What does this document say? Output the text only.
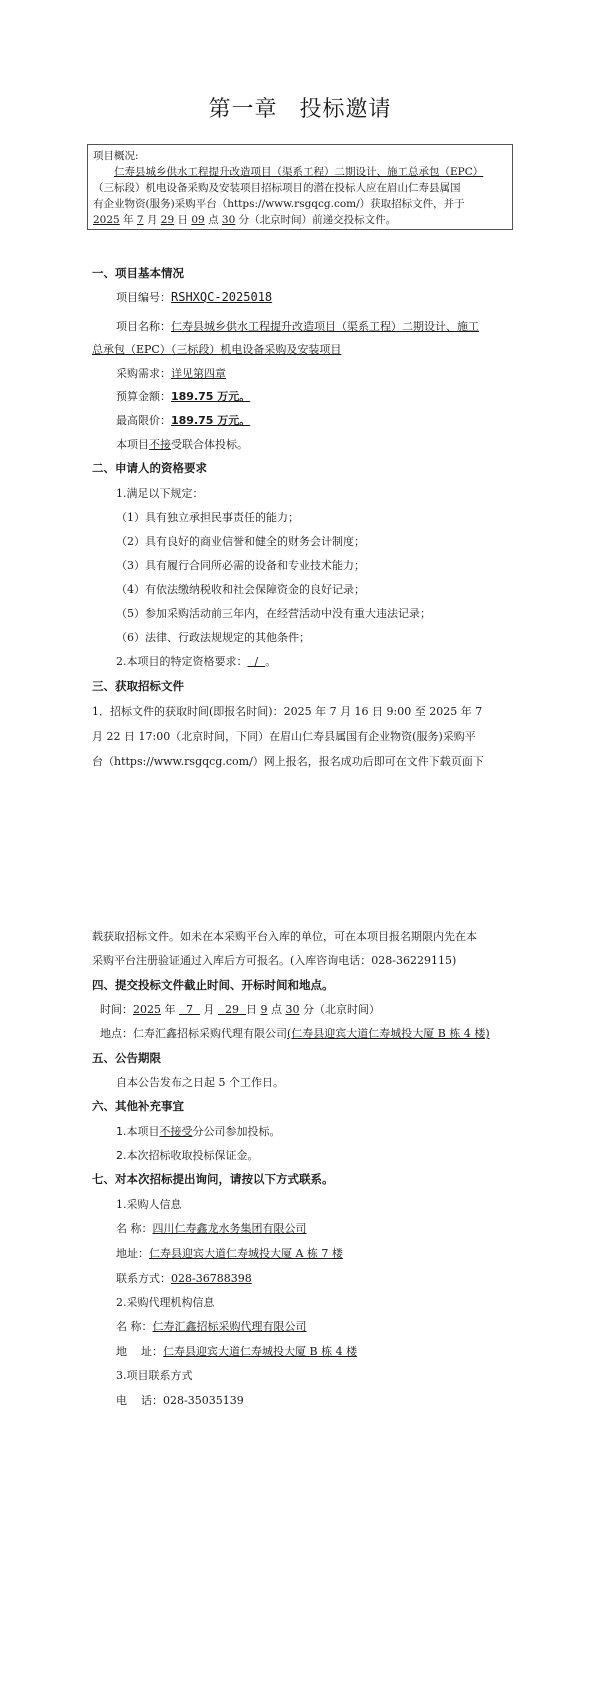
第一章 投标邀请
项目概况:
仁寿县城乡供水工程提升改造项目（渠系工程）二期设计、施工总承包（EPC）
（三标段）机电设备采购及安装项目招标项目的潜在投标人应在眉山仁寿县属国
有企业物资(服务)采购平台（https://www.rsgqcg.com/）获取招标文件，并于
2025 年 7 月 29 日 09 点 30 分（北京时间）前递交投标文件。
一、项目基本情况
项目编号：RSHXQC-2025018
项目名称：仁寿县城乡供水工程提升改造项目（渠系工程）二期设计、施工
总承包（EPC）（三标段）机电设备采购及安装项目
采购需求：详见第四章
预算金额：189.75 万元。
最高限价：189.75 万元。
本项目不接受联合体投标。
二、申请人的资格要求
1.满足以下规定：
（1）具有独立承担民事责任的能力；
（2）具有良好的商业信誉和健全的财务会计制度；
（3）具有履行合同所必需的设备和专业技术能力；
（4）有依法缴纳税收和社会保障资金的良好记录；
（5）参加采购活动前三年内，在经营活动中没有重大违法记录；
（6）法律、行政法规规定的其他条件；
2.本项目的特定资格要求：  /  。
三、获取招标文件
1．招标文件的获取时间(即报名时间)：2025 年 7 月 16 日 9:00 至 2025 年 7
月 22 日 17:00（北京时间，下同）在眉山仁寿县属国有企业物资(服务)采购平
台（https://www.rsgqcg.com/）网上报名，报名成功后即可在文件下载页面下
载获取招标文件。如未在本采购平台入库的单位，可在本项目报名期限内先在本
采购平台注册验证通过入库后方可报名。(入库咨询电话：028-36229115)
四、提交投标文件截止时间、开标时间和地点。
时间：2025 年 7 月 29 日 9 点 30 分（北京时间）
地点：仁寿汇鑫招标采购代理有限公司(仁寿县迎宾大道仁寿城投大厦 B 栋 4 楼)
五、公告期限
自本公告发布之日起 5 个工作日。
六、其他补充事宜
1.本项目不接受分公司参加投标。
2.本次招标收取投标保证金。
七、对本次招标提出询问，请按以下方式联系。
1.采购人信息
名 称：四川仁寿鑫龙水务集团有限公司
地址：仁寿县迎宾大道仁寿城投大厦 A 栋 7 楼
联系方式：028-36788398
2.采购代理机构信息
名 称：仁寿汇鑫招标采购代理有限公司
地    址：仁寿县迎宾大道仁寿城投大厦 B 栋 4 楼
3.项目联系方式
电    话：028-35035139
